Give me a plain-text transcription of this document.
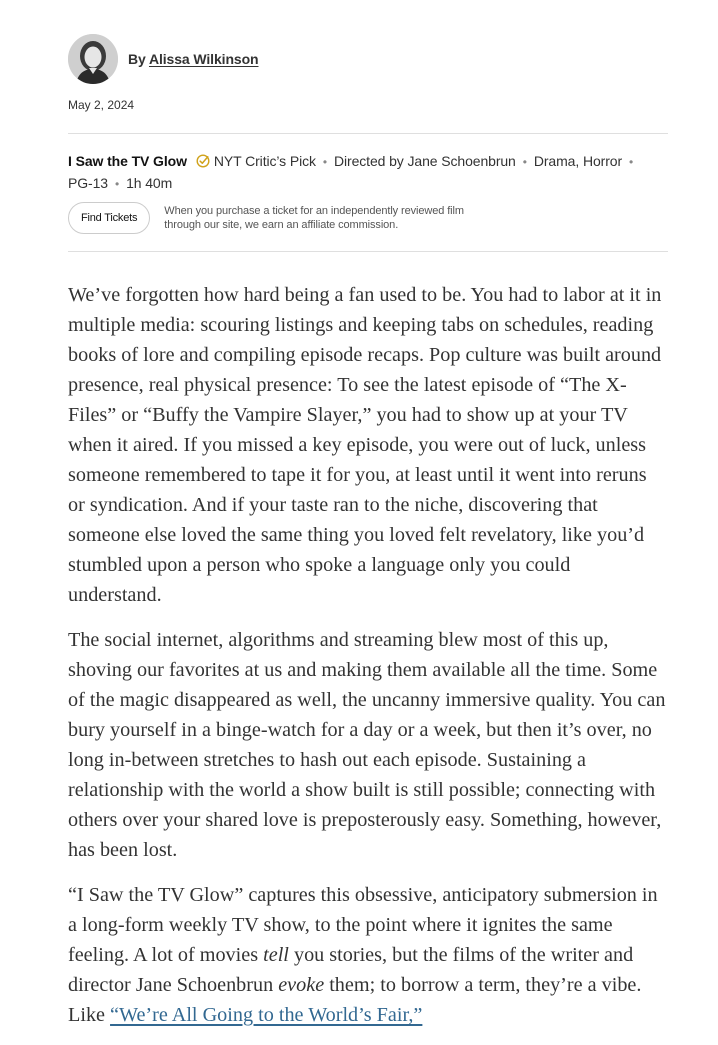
By Alissa Wilkinson
May 2, 2024
I Saw the TV Glow NYT Critic’s Pick • Directed by Jane Schoenbrun • Drama, Horror •
PG-13 • 1h 40m
Find Tickets
When you purchase a ticket for an independently reviewed film through our site, we earn an affiliate commission.

We’ve forgotten how hard being a fan used to be. You had to labor at it in multiple media: scouring listings and keeping tabs on schedules, reading books of lore and compiling episode recaps. Pop culture was built around presence, real physical presence: To see the latest episode of “The X-Files” or “Buffy the Vampire Slayer,” you had to show up at your TV when it aired. If you missed a key episode, you were out of luck, unless someone remembered to tape it for you, at least until it went into reruns or syndication. And if your taste ran to the niche, discovering that someone else loved the same thing you loved felt revelatory, like you’d stumbled upon a person who spoke a language only you could understand.

The social internet, algorithms and streaming blew most of this up, shoving our favorites at us and making them available all the time. Some of the magic disappeared as well, the uncanny immersive quality. You can bury yourself in a binge-watch for a day or a week, but then it’s over, no long in-between stretches to hash out each episode. Sustaining a relationship with the world a show built is still possible; connecting with others over your shared love is preposterously easy. Something, however, has been lost.

“I Saw the TV Glow” captures this obsessive, anticipatory submersion in a long-form weekly TV show, to the point where it ignites the same feeling. A lot of movies tell you stories, but the films of the writer and director Jane Schoenbrun evoke them; to borrow a term, they’re a vibe. Like “We’re All Going to the World’s Fair,”
